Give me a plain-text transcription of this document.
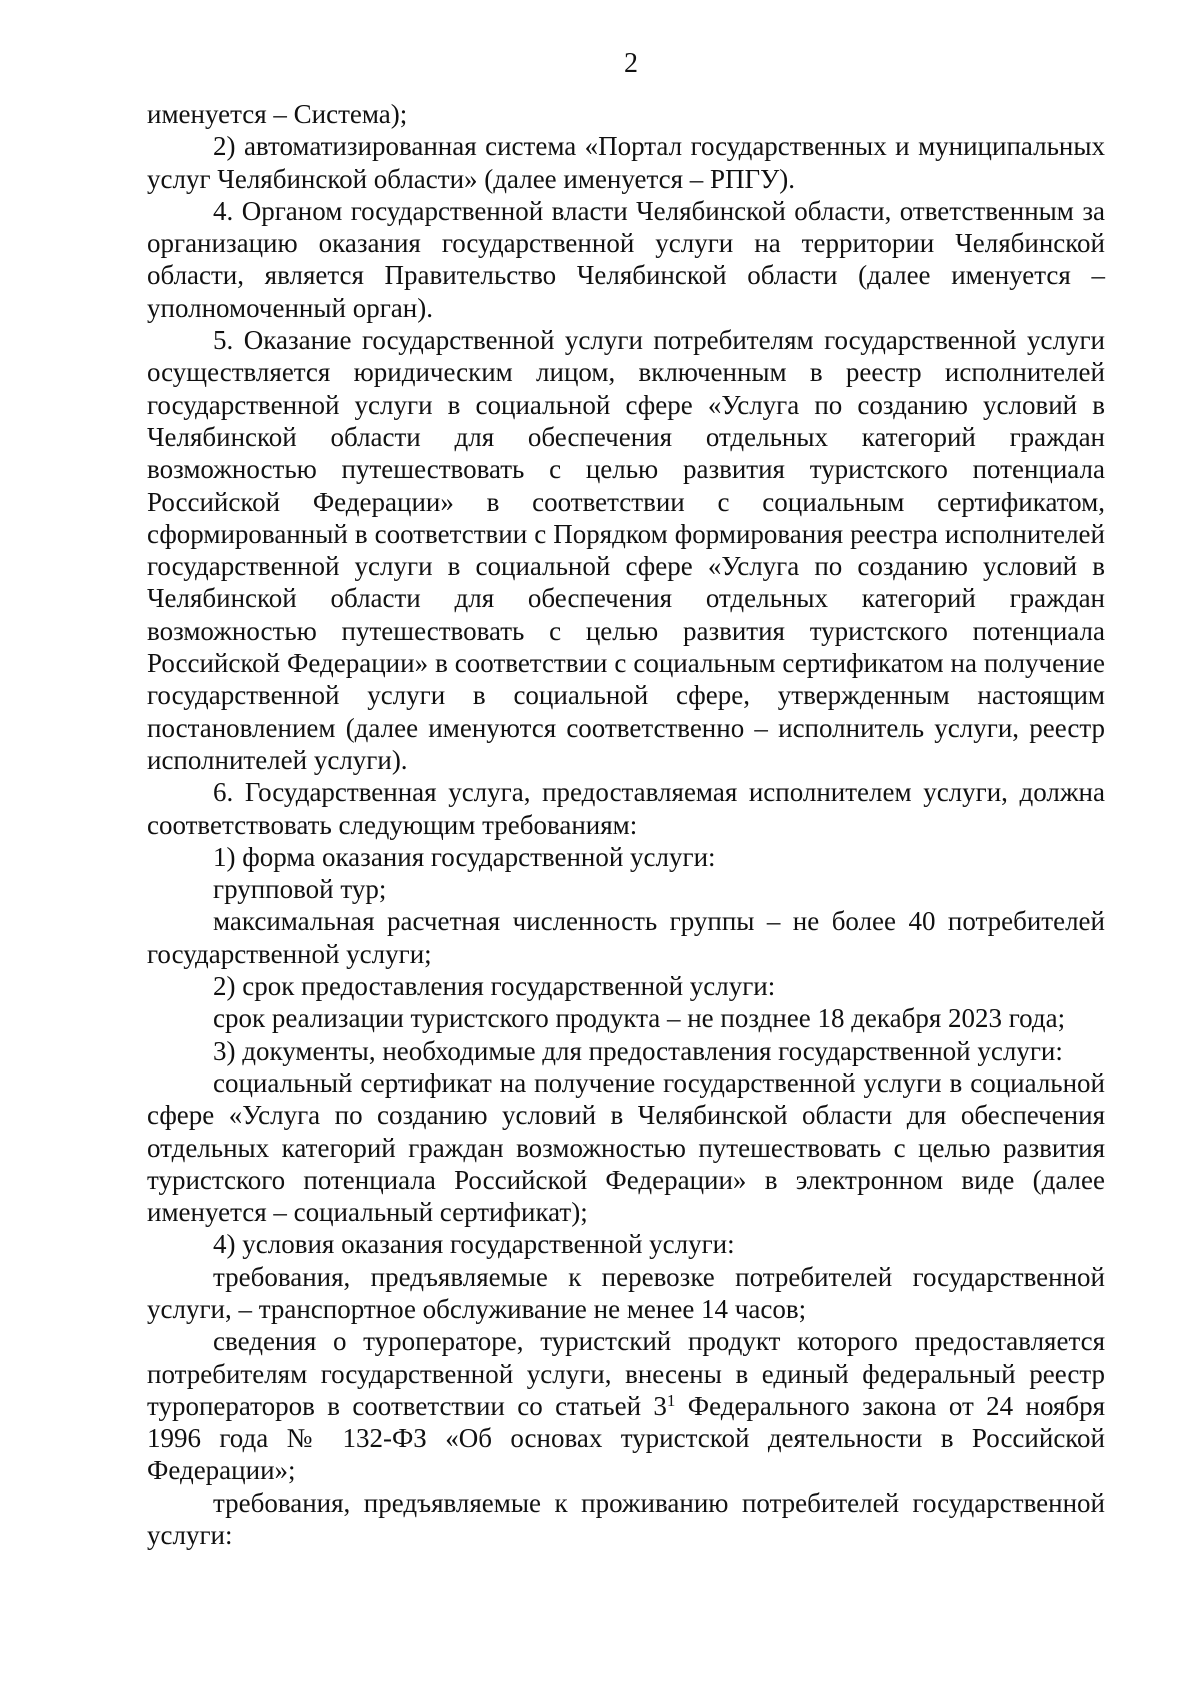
2

именуется – Система);

2) автоматизированная система «Портал государственных и муниципальных услуг Челябинской области» (далее именуется – РПГУ).

4. Органом государственной власти Челябинской области, ответственным за организацию оказания государственной услуги на территории Челябинской области, является Правительство Челябинской области (далее именуется – уполномоченный орган).

5. Оказание государственной услуги потребителям государственной услуги осуществляется юридическим лицом, включенным в реестр исполнителей государственной услуги в социальной сфере «Услуга по созданию условий в Челябинской области для обеспечения отдельных категорий граждан возможностью путешествовать с целью развития туристского потенциала Российской Федерации» в соответствии с социальным сертификатом, сформированный в соответствии с Порядком формирования реестра исполнителей государственной услуги в социальной сфере «Услуга по созданию условий в Челябинской области для обеспечения отдельных категорий граждан возможностью путешествовать с целью развития туристского потенциала Российской Федерации» в соответствии с социальным сертификатом на получение государственной услуги в социальной сфере, утвержденным настоящим постановлением (далее именуются соответственно – исполнитель услуги, реестр исполнителей услуги).

6. Государственная услуга, предоставляемая исполнителем услуги, должна соответствовать следующим требованиям:

1) форма оказания государственной услуги:

групповой тур;

максимальная расчетная численность группы – не более 40 потребителей государственной услуги;

2) срок предоставления государственной услуги:

срок реализации туристского продукта – не позднее 18 декабря 2023 года;

3) документы, необходимые для предоставления государственной услуги:

социальный сертификат на получение государственной услуги в социальной сфере «Услуга по созданию условий в Челябинской области для обеспечения отдельных категорий граждан возможностью путешествовать с целью развития туристского потенциала Российской Федерации» в электронном виде (далее именуется – социальный сертификат);

4) условия оказания государственной услуги:

требования, предъявляемые к перевозке потребителей государственной услуги, – транспортное обслуживание не менее 14 часов;

сведения о туроператоре, туристский продукт которого предоставляется потребителям государственной услуги, внесены в единый федеральный реестр туроператоров в соответствии со статьей $3^1$ Федерального закона от 24 ноября 1996 года № 132-ФЗ «Об основах туристской деятельности в Российской Федерации»;

требования, предъявляемые к проживанию потребителей государственной услуги:
